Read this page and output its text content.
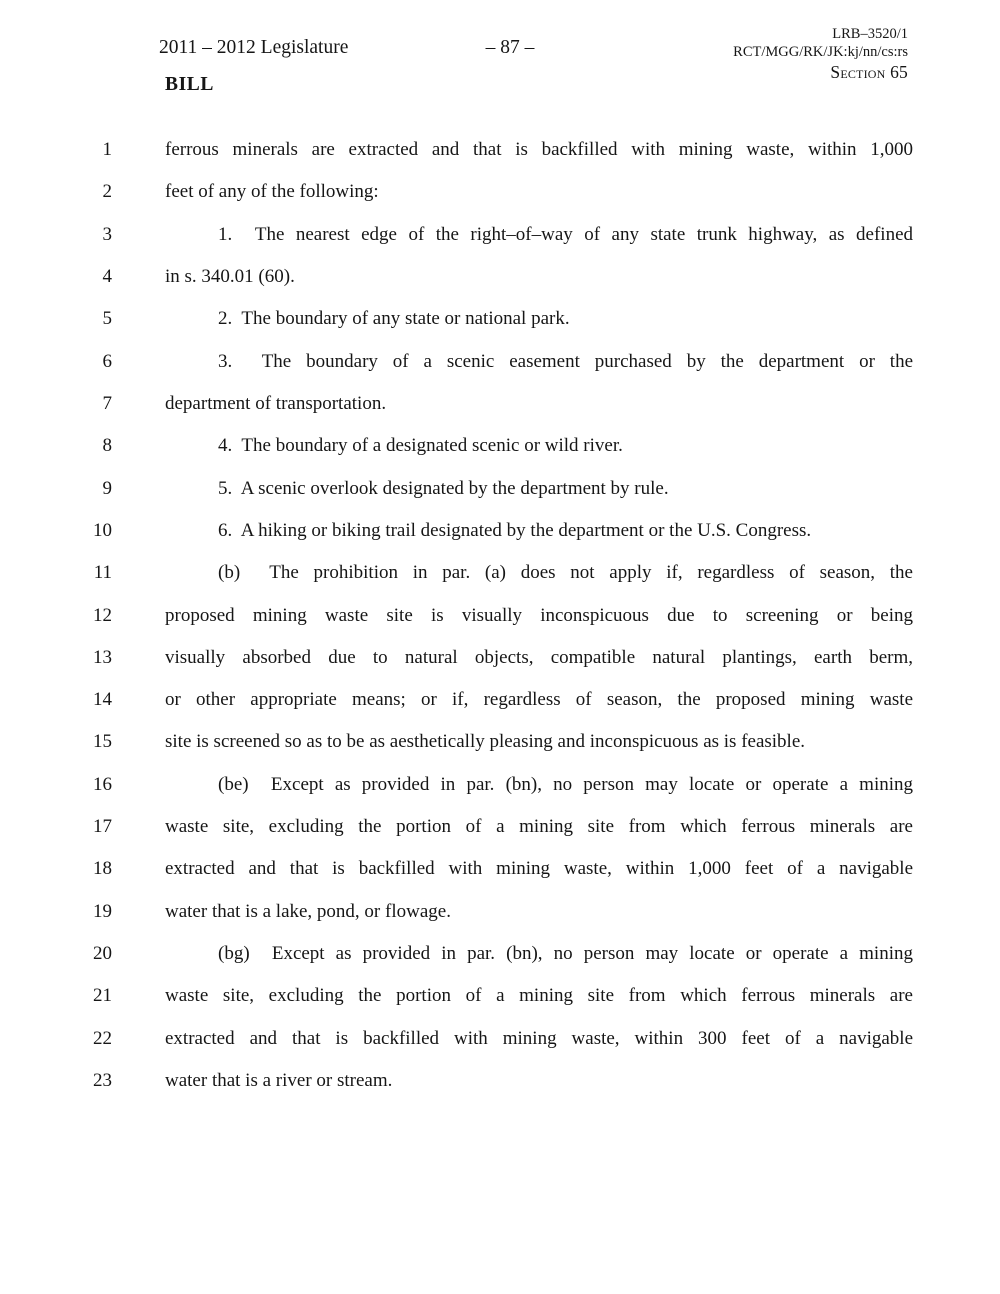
2011 – 2012 Legislature	– 87 –
LRB–3520/1
RCT/MGG/RK/JK:kj/nn/cs:rs
Section 65
BILL
1	ferrous minerals are extracted and that is backfilled with mining waste, within 1,000
2	feet of any of the following:
3	1.  The nearest edge of the right–of–way of any state trunk highway, as defined
4	in s. 340.01 (60).
5	2.  The boundary of any state or national park.
6	3.  The boundary of a scenic easement purchased by the department or the
7	department of transportation.
8	4.  The boundary of a designated scenic or wild river.
9	5.  A scenic overlook designated by the department by rule.
10	6.  A hiking or biking trail designated by the department or the U.S. Congress.
11	(b)  The prohibition in par. (a) does not apply if, regardless of season, the
12	proposed mining waste site is visually inconspicuous due to screening or being
13	visually absorbed due to natural objects, compatible natural plantings, earth berm,
14	or other appropriate means; or if, regardless of season, the proposed mining waste
15	site is screened so as to be as aesthetically pleasing and inconspicuous as is feasible.
16	(be)  Except as provided in par. (bn), no person may locate or operate a mining
17	waste site, excluding the portion of a mining site from which ferrous minerals are
18	extracted and that is backfilled with mining waste, within 1,000 feet of a navigable
19	water that is a lake, pond, or flowage.
20	(bg)  Except as provided in par. (bn), no person may locate or operate a mining
21	waste site, excluding the portion of a mining site from which ferrous minerals are
22	extracted and that is backfilled with mining waste, within 300 feet of a navigable
23	water that is a river or stream.
